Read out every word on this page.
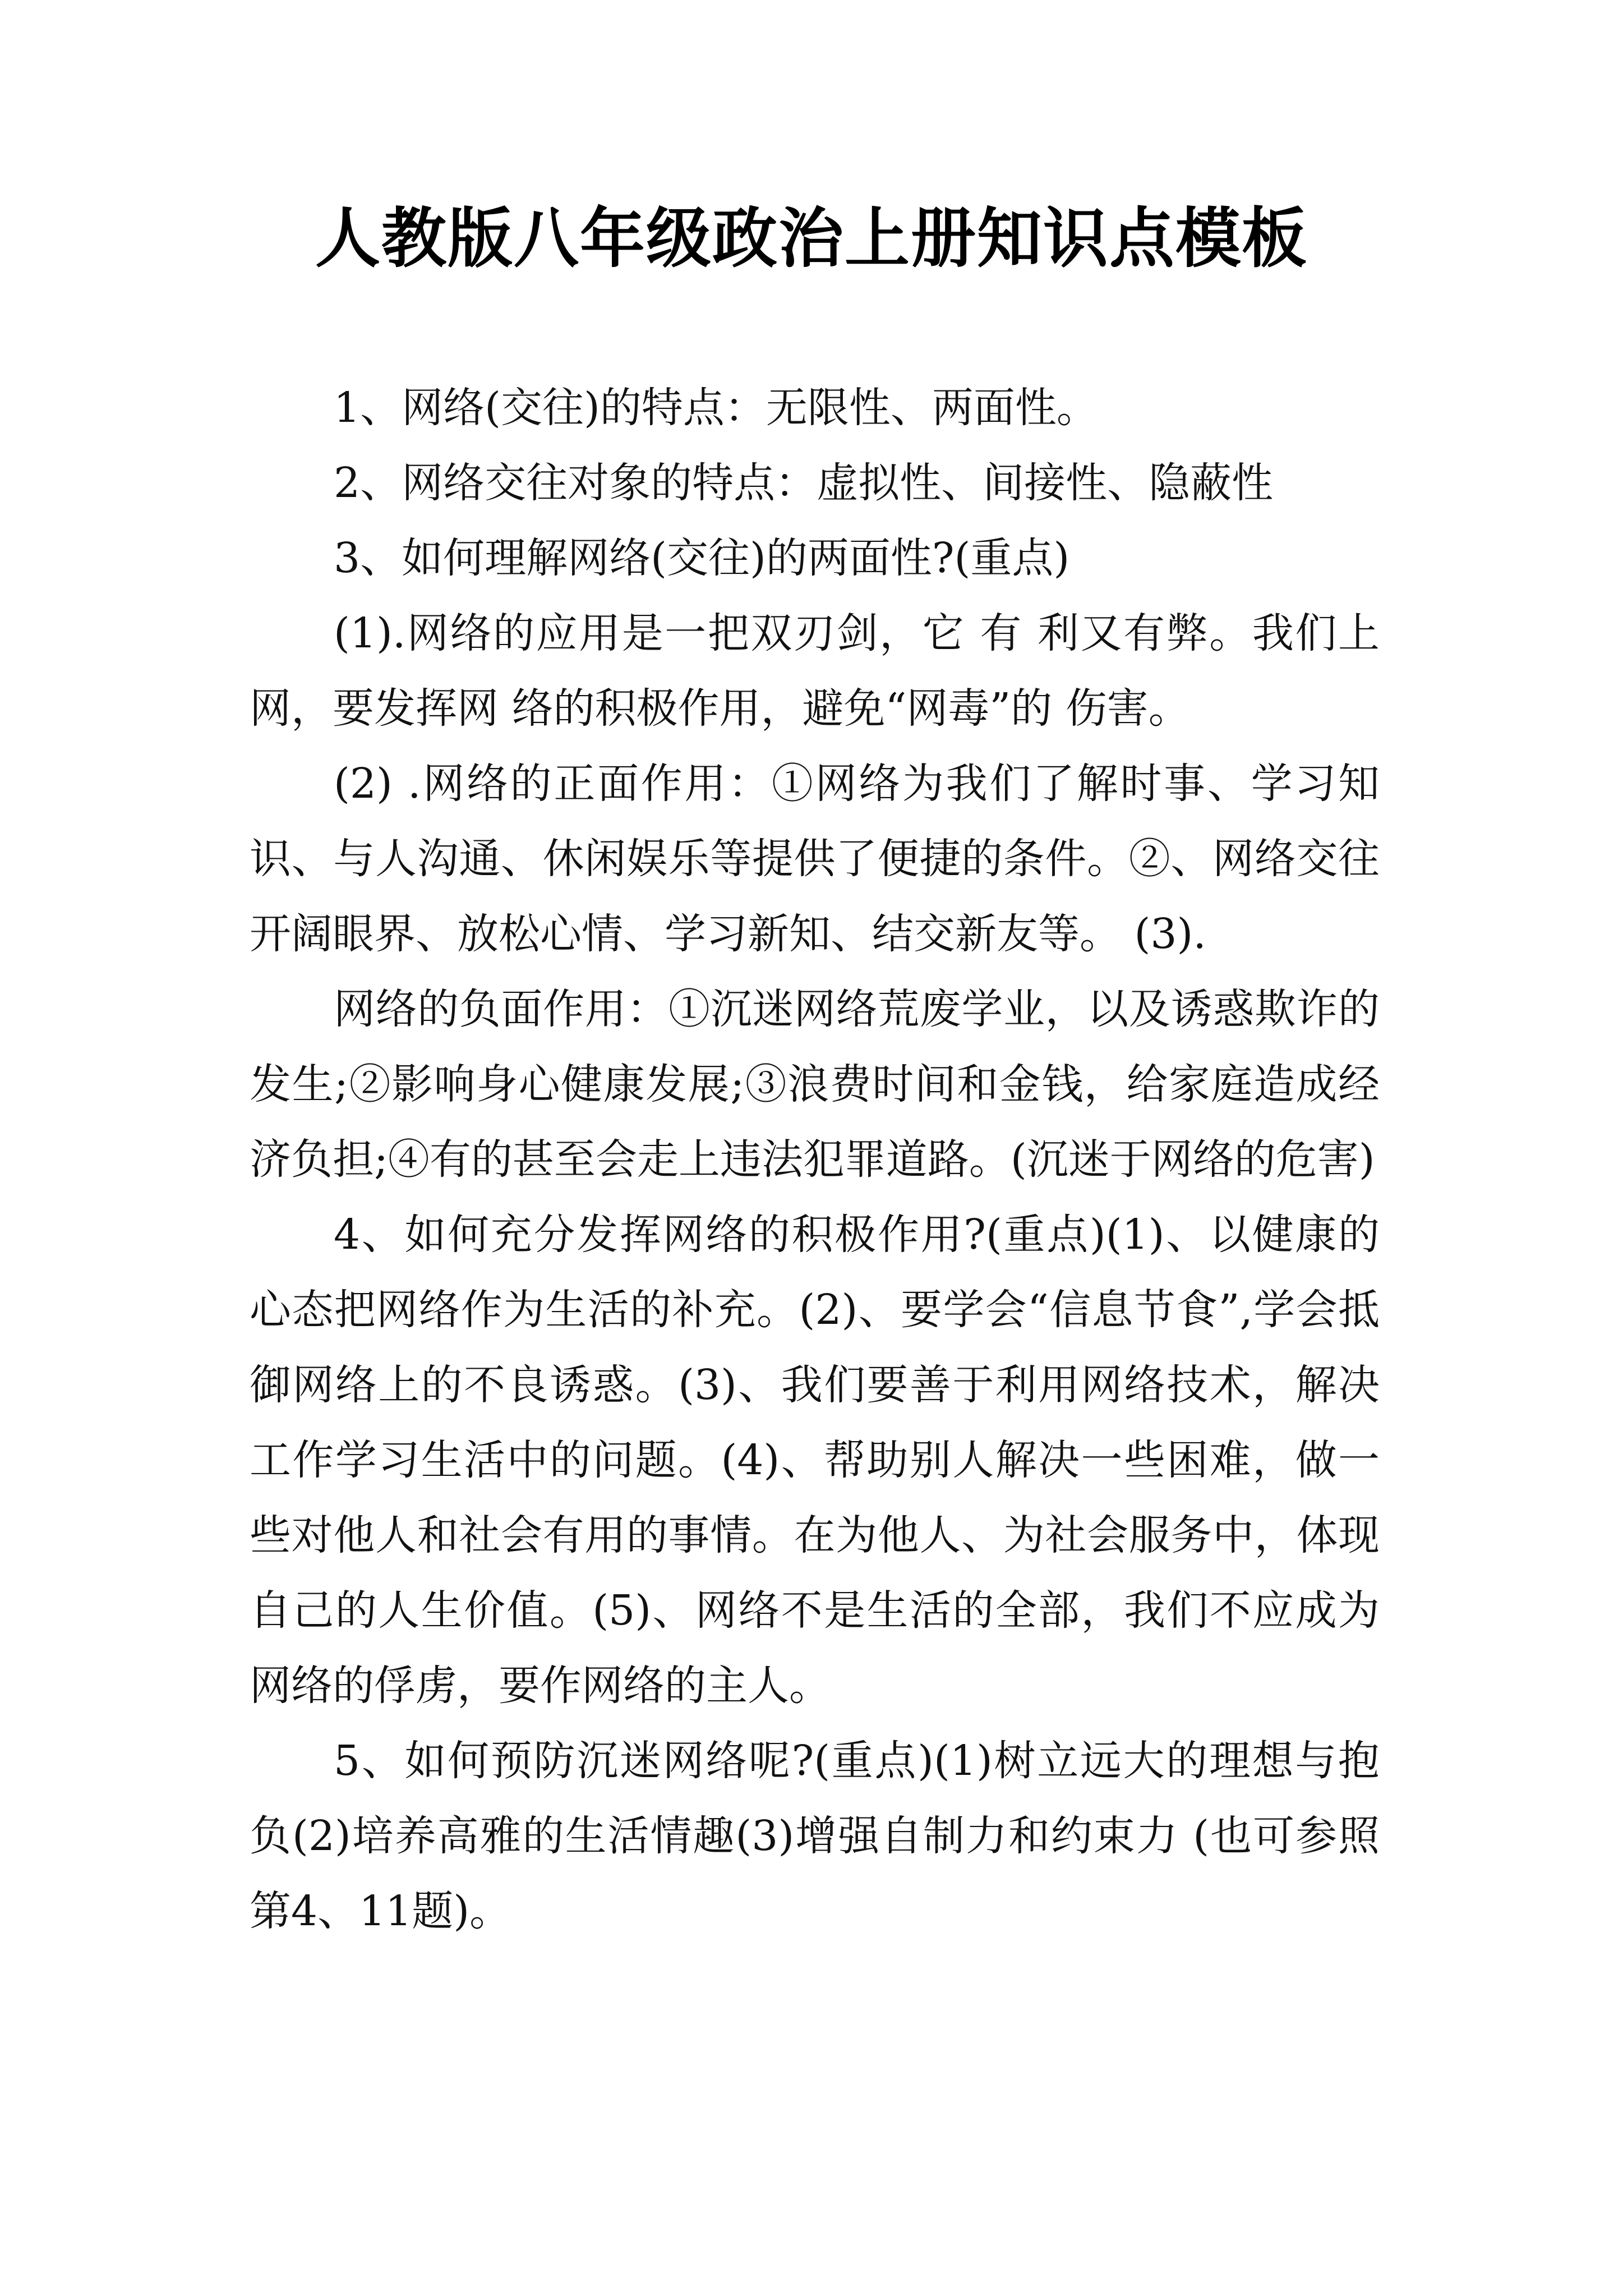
人教版八年级政治上册知识点模板

1、网络(交往)的特点：无限性、两面性。

2、网络交往对象的特点：虚拟性、间接性、隐蔽性

3、如何理解网络(交往)的两面性?(重点)

(1).网络的应用是一把双刃剑，它 有 利又有弊。我们上网，要发挥网 络的积极作用，避免“网毒”的 伤害。

(2) .网络的正面作用：①网络为我们了解时事、学习知识、与人沟通、休闲娱乐等提供了便捷的条件。②、网络交往开阔眼界、放松心情、学习新知、结交新友等。 (3).

网络的负面作用：①沉迷网络荒废学业，以及诱惑欺诈的发生;②影响身心健康发展;③浪费时间和金钱，给家庭造成经济负担;④有的甚至会走上违法犯罪道路。(沉迷于网络的危害)

4、如何充分发挥网络的积极作用?(重点)(1)、以健康的心态把网络作为生活的补充。(2)、要学会“信息节食”,学会抵御网络上的不良诱惑。(3)、我们要善于利用网络技术，解决工作学习生活中的问题。(4)、帮助别人解决一些困难，做一些对他人和社会有用的事情。在为他人、为社会服务中，体现自己的人生价值。(5)、网络不是生活的全部，我们不应成为网络的俘虏，要作网络的主人。

5、如何预防沉迷网络呢?(重点)(1)树立远大的理想与抱负(2)培养高雅的生活情趣(3)增强自制力和约束力 (也可参照第4、11题)。
